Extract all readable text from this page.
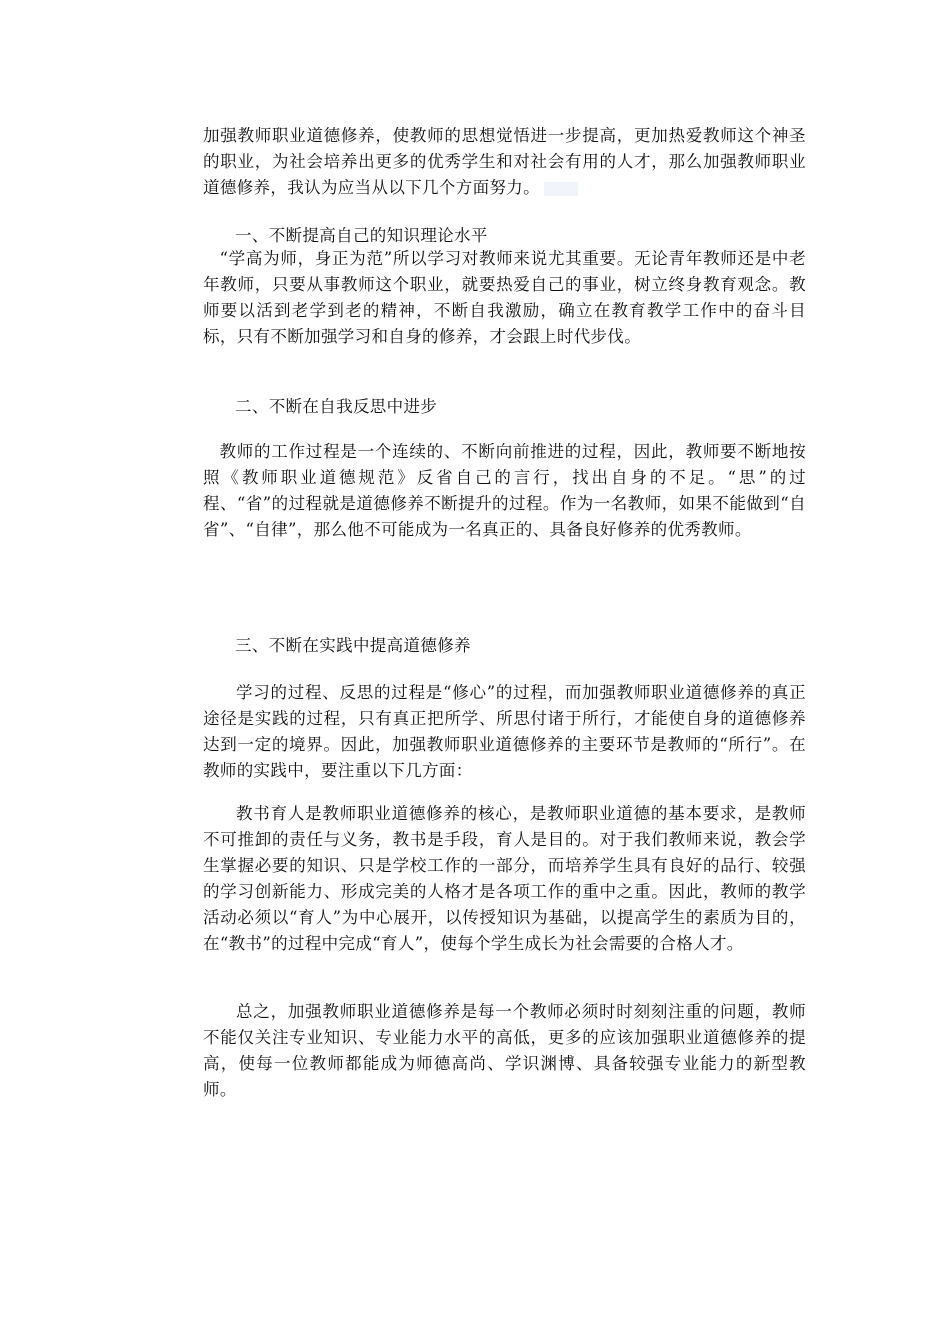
加强教师职业道德修养，使教师的思想觉悟进一步提高，更加热爱教师这个神圣的职业，为社会培养出更多的优秀学生和对社会有用的人才，那么加强教师职业道德修养，我认为应当从以下几个方面努力。

一、不断提高自己的知识理论水平

“学高为师，身正为范”所以学习对教师来说尤其重要。无论青年教师还是中老年教师，只要从事教师这个职业，就要热爱自己的事业，树立终身教育观念。教师要以活到老学到老的精神，不断自我激励，确立在教育教学工作中的奋斗目标，只有不断加强学习和自身的修养，才会跟上时代步伐。

二、不断在自我反思中进步

教师的工作过程是一个连续的、不断向前推进的过程，因此，教师要不断地按照《教师职业道德规范》反省自己的言行，找出自身的不足。“思”的过程、“省”的过程就是道德修养不断提升的过程。作为一名教师，如果不能做到“自省”、“自律”，那么他不可能成为一名真正的、具备良好修养的优秀教师。

三、不断在实践中提高道德修养

学习的过程、反思的过程是“修心”的过程，而加强教师职业道德修养的真正途径是实践的过程，只有真正把所学、所思付诸于所行，才能使自身的道德修养达到一定的境界。因此，加强教师职业道德修养的主要环节是教师的“所行”。在教师的实践中，要注重以下几方面：

教书育人是教师职业道德修养的核心，是教师职业道德的基本要求，是教师不可推卸的责任与义务，教书是手段，育人是目的。对于我们教师来说，教会学生掌握必要的知识、只是学校工作的一部分，而培养学生具有良好的品行、较强的学习创新能力、形成完美的人格才是各项工作的重中之重。因此，教师的教学活动必须以“育人”为中心展开，以传授知识为基础，以提高学生的素质为目的，在“教书”的过程中完成“育人”，使每个学生成长为社会需要的合格人才。

总之，加强教师职业道德修养是每一个教师必须时时刻刻注重的问题，教师不能仅关注专业知识、专业能力水平的高低，更多的应该加强职业道德修养的提高，使每一位教师都能成为师德高尚、学识渊博、具备较强专业能力的新型教师。
